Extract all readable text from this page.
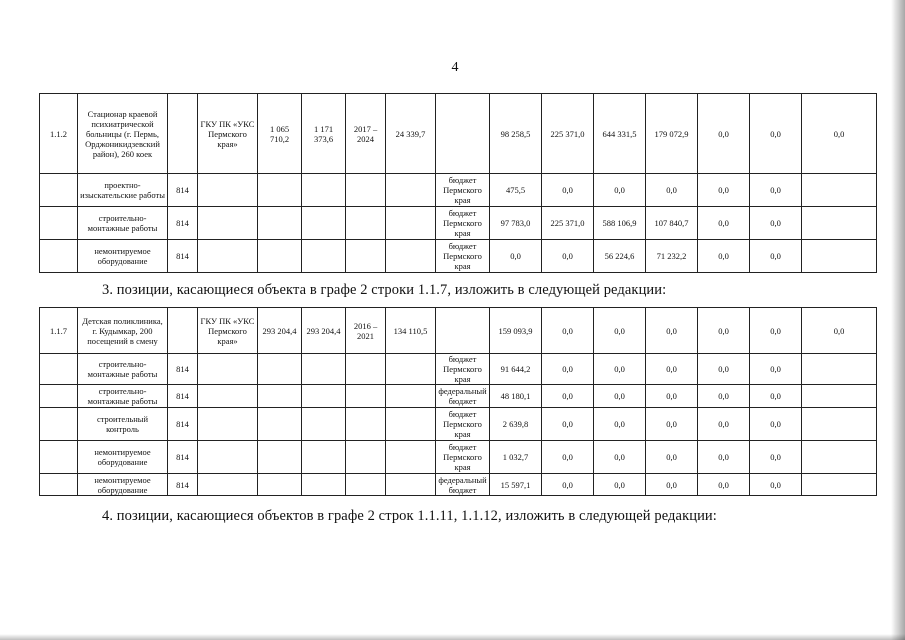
4
1.1.2	Стационар краевой психиатрической больницы (г. Пермь, Орджоникидзевский район), 260 коек		ГКУ ПК «УКС Пермского края»	1 065 710,2	1 171 373,6	2017 – 2024	24 339,7		98 258,5	225 371,0	644 331,5	179 072,9	0,0	0,0	0,0
	проектно-изыскательские работы	814						бюджет Пермского края	475,5	0,0	0,0	0,0	0,0	0,0	
	строительно-монтажные работы	814						бюджет Пермского края	97 783,0	225 371,0	588 106,9	107 840,7	0,0	0,0	
	немонтируемое оборудование	814						бюджет Пермского края	0,0	0,0	56 224,6	71 232,2	0,0	0,0	
3. позиции, касающиеся объекта в графе 2 строки 1.1.7, изложить в следующей редакции:
1.1.7	Детская поликлиника, г. Кудымкар, 200 посещений в смену		ГКУ ПК «УКС Пермского края»	293 204,4	293 204,4	2016 – 2021	134 110,5		159 093,9	0,0	0,0	0,0	0,0	0,0	0,0
	строительно-монтажные работы	814						бюджет Пермского края	91 644,2	0,0	0,0	0,0	0,0	0,0	
	строительно-монтажные работы	814						федеральный бюджет	48 180,1	0,0	0,0	0,0	0,0	0,0	
	строительный контроль	814						бюджет Пермского края	2 639,8	0,0	0,0	0,0	0,0	0,0	
	немонтируемое оборудование	814						бюджет Пермского края	1 032,7	0,0	0,0	0,0	0,0	0,0	
	немонтируемое оборудование	814						федеральный бюджет	15 597,1	0,0	0,0	0,0	0,0	0,0	
4. позиции, касающиеся объектов в графе 2 строк 1.1.11, 1.1.12, изложить в следующей редакции:
